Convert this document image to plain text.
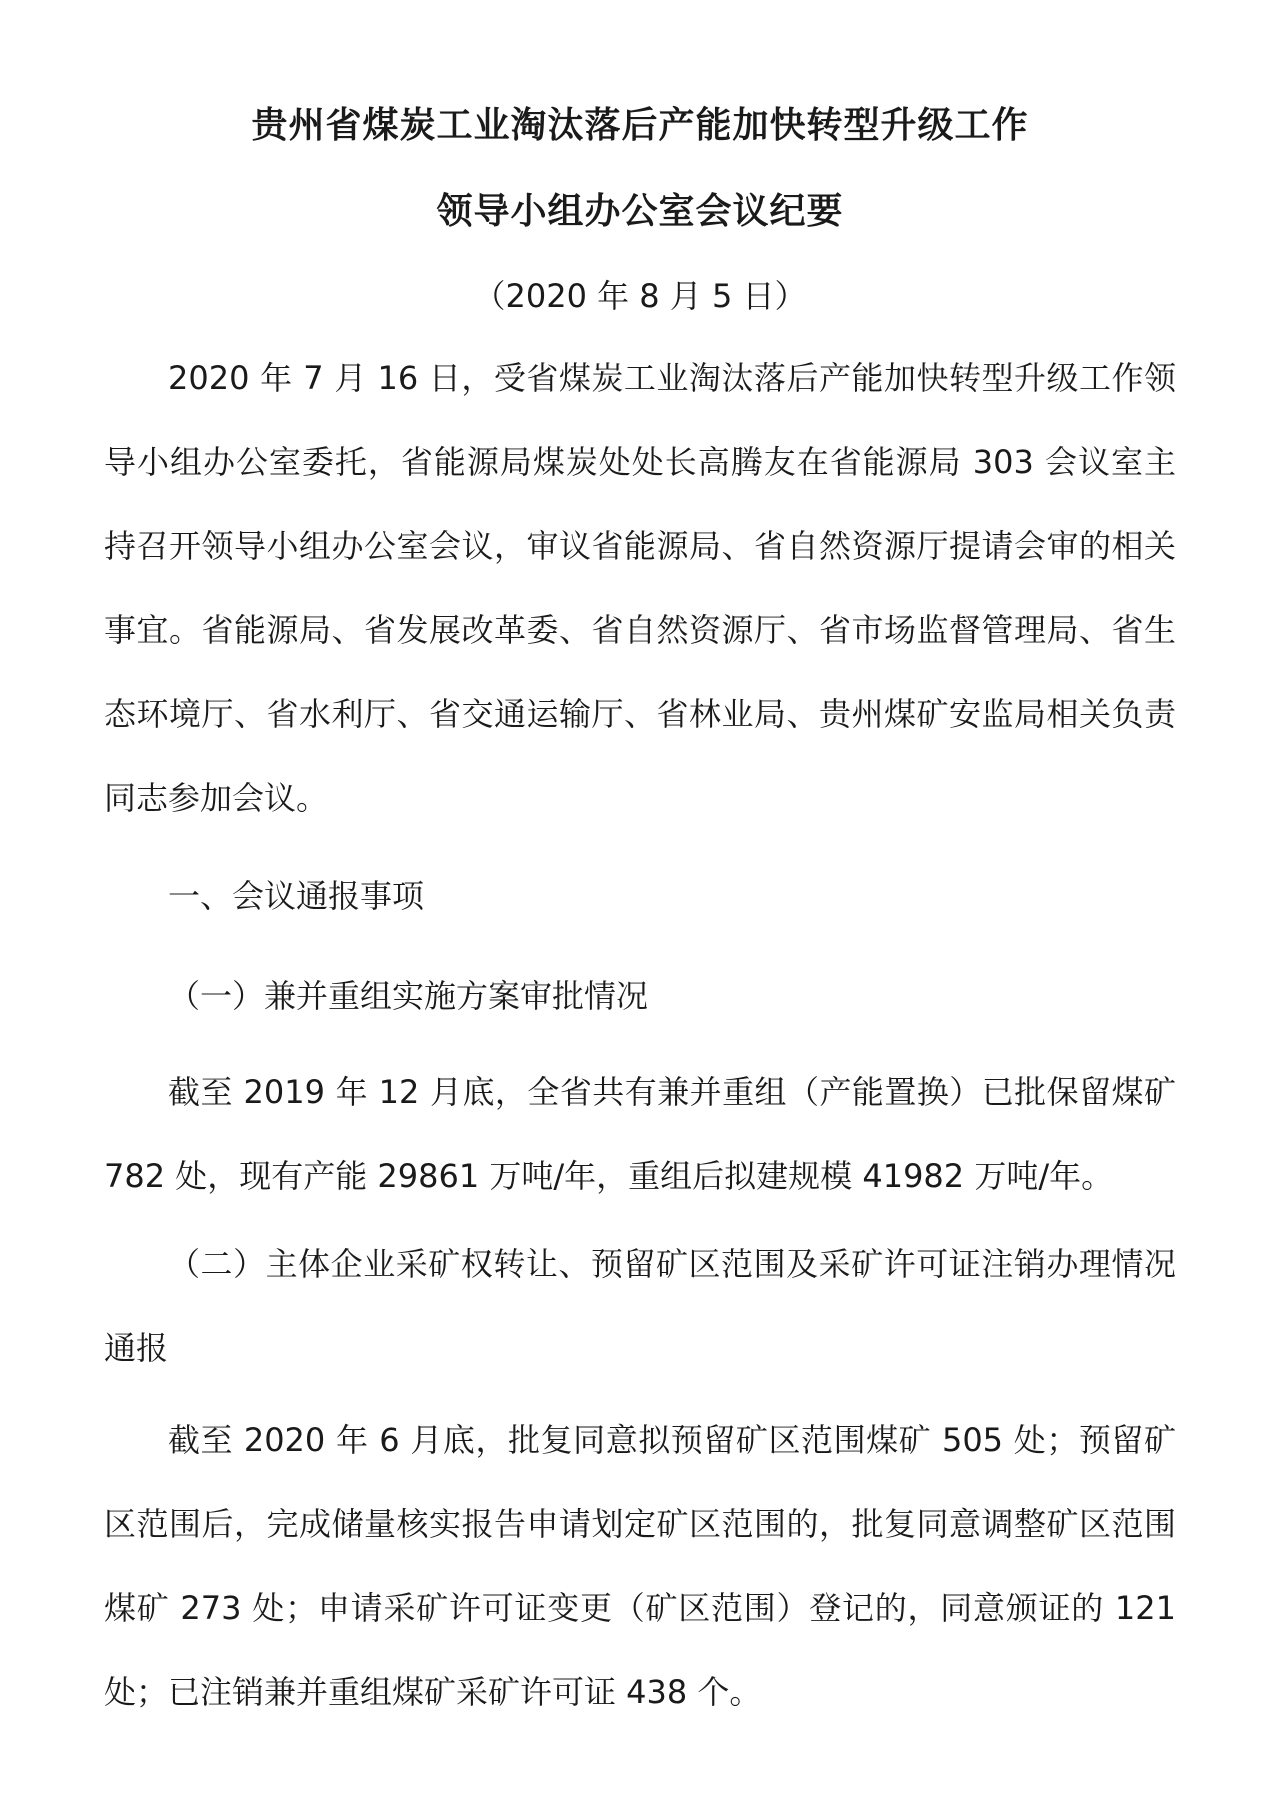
贵州省煤炭工业淘汰落后产能加快转型升级工作
领导小组办公室会议纪要
（2020 年 8 月 5 日）

2020 年 7 月 16 日，受省煤炭工业淘汰落后产能加快转型升级工作领导小组办公室委托，省能源局煤炭处处长高腾友在省能源局 303 会议室主持召开领导小组办公室会议，审议省能源局、省自然资源厅提请会审的相关事宜。省能源局、省发展改革委、省自然资源厅、省市场监督管理局、省生态环境厅、省水利厅、省交通运输厅、省林业局、贵州煤矿安监局相关负责同志参加会议。

一、会议通报事项

（一）兼并重组实施方案审批情况

截至 2019 年 12 月底，全省共有兼并重组（产能置换）已批保留煤矿 782 处，现有产能 29861 万吨/年，重组后拟建规模 41982 万吨/年。

（二）主体企业采矿权转让、预留矿区范围及采矿许可证注销办理情况通报

截至 2020 年 6 月底，批复同意拟预留矿区范围煤矿 505 处；预留矿区范围后，完成储量核实报告申请划定矿区范围的，批复同意调整矿区范围煤矿 273 处；申请采矿许可证变更（矿区范围）登记的，同意颁证的 121 处；已注销兼并重组煤矿采矿许可证 438 个。
